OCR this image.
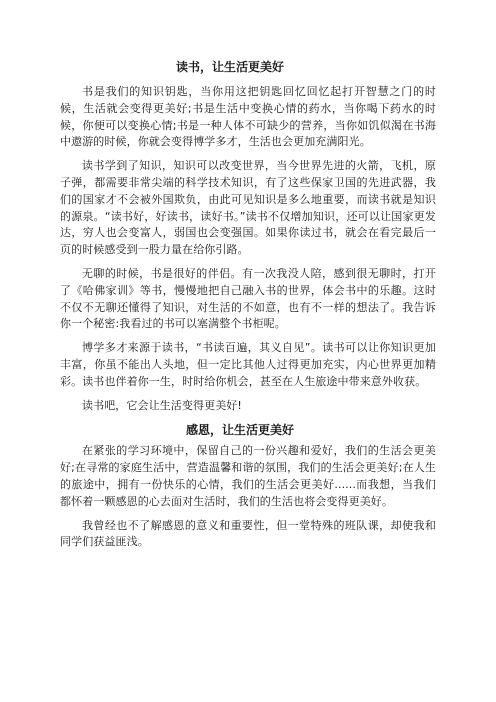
读书，让生活更美好

书是我们的知识钥匙，当你用这把钥匙回忆回忆起打开智慧之门的时候，生活就会变得更美好;书是生活中变换心情的药水，当你喝下药水的时候，你便可以变换心情;书是一种人体不可缺少的营养，当你如饥似渴在书海中遨游的时候，你就会变得博学多才，生活也会更加充满阳光。

读书学到了知识，知识可以改变世界，当今世界先进的火箭，飞机，原子弹，都需要非常尖端的科学技术知识，有了这些保家卫国的先进武器，我们的国家才不会被外国欺负，由此可见知识是多么地重要，而读书就是知识的源泉。“读书好，好读书，读好书。”读书不仅增加知识，还可以让国家更发达，穷人也会变富人，弱国也会变强国。如果你读过书，就会在看完最后一页的时候感受到一股力量在给你引路。

无聊的时候，书是很好的伴侣。有一次我没人陪，感到很无聊时，打开了《哈佛家训》等书，慢慢地把自己融入书的世界，体会书中的乐趣。这时不仅不无聊还懂得了知识，对生活的不如意，也有不一样的想法了。我告诉你一个秘密:我看过的书可以塞满整个书柜呢。

博学多才来源于读书，“书读百遍，其义自见”。读书可以让你知识更加丰富，你虽不能出人头地，但一定比其他人过得更加充实，内心世界更加精彩。读书也伴着你一生，时时给你机会，甚至在人生旅途中带来意外收获。

读书吧，它会让生活变得更美好!

感恩，让生活更美好

在紧张的学习环境中，保留自己的一份兴趣和爱好，我们的生活会更美好;在寻常的家庭生活中，营造温馨和谐的氛围，我们的生活会更美好;在人生的旅途中，拥有一份快乐的心情，我们的生活会更美好......而我想，当我们都怀着一颗感恩的心去面对生活时，我们的生活也将会变得更美好。

我曾经也不了解感恩的意义和重要性，但一堂特殊的班队课，却使我和同学们获益匪浅。
